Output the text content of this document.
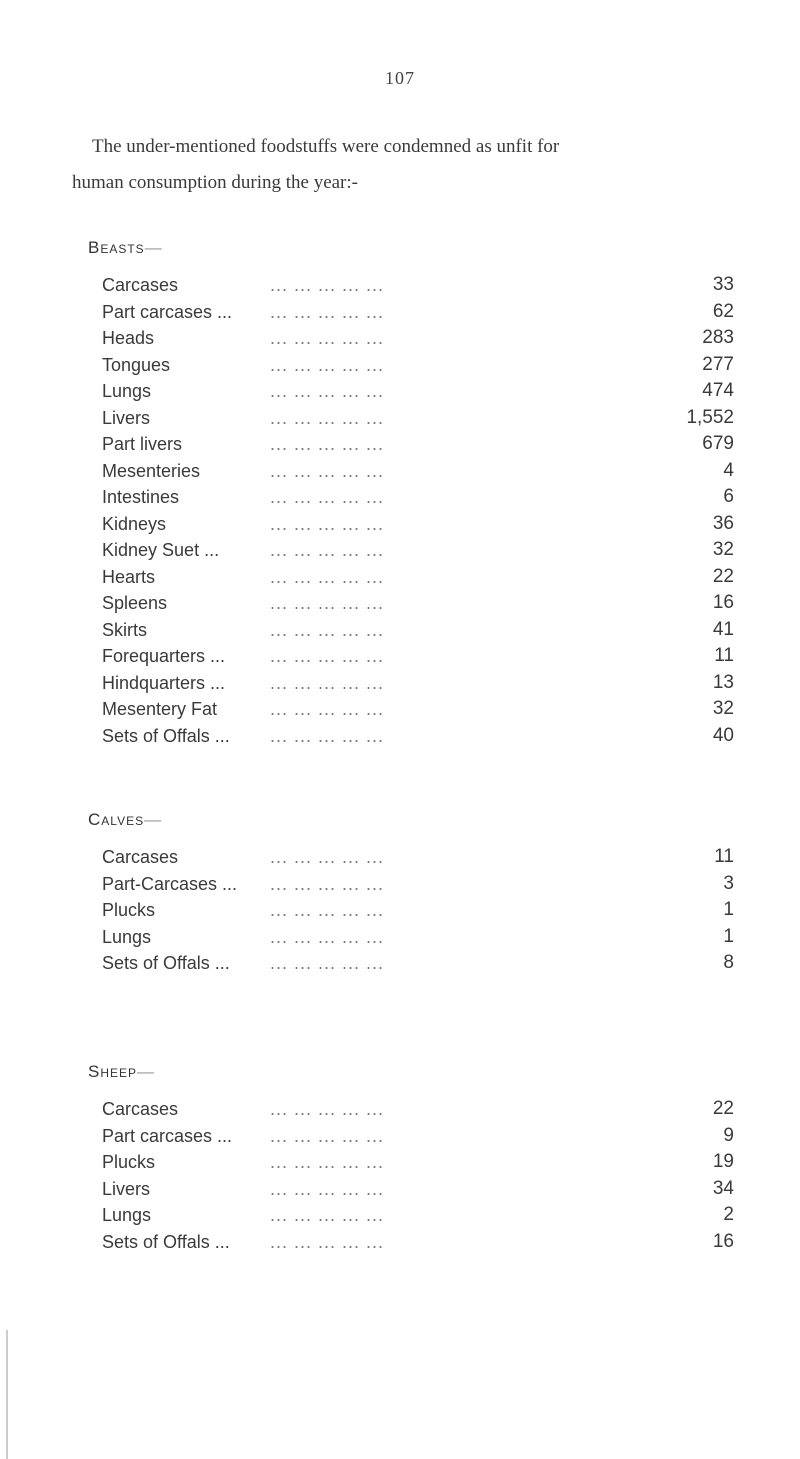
107
The under-mentioned foodstuffs were condemned as unfit for
human consumption during the year:-
Beasts—
Carcases	... ... ... ... ...	33
Part carcases ... ... ... ... ... ...	62
Heads	... ... ... ... ...	283
Tongues	... ... ... ... ...	277
Lungs	... ... ... ... ...	474
Livers	... ... ... ... ...	1,552
Part livers	... ... ... ... ...	679
Mesenteries	... ... ... ... ...	4
Intestines	... ... ... ... ...	6
Kidneys	... ... ... ... ...	36
Kidney Suet ...	... ... ... ... ...	32
Hearts	... ... ... ... ...	22
Spleens	... ... ... ... ...	16
Skirts	... ... ... ... ...	41
Forequarters ... ... ... ... ... ...	11
Hindquarters ... ... ... ... ... ...	13
Mesentery Fat	... ... ... ... ...	32
Sets of Offals ... ... ... ... ... ...	40
Calves—
Carcases	... ... ... ... ...	11
Part-Carcases ... ... ... ... ... ...	3
Plucks	... ... ... ... ...	1
Lungs	... ... ... ... ...	1
Sets of Offals ... ... ... ... ... ...	8
Sheep—
Carcases	... ... ... ... ...	22
Part carcases ... ... ... ... ... ...	9
Plucks	... ... ... ... ...	19
Livers	... ... ... ... ...	34
Lungs	... ... ... ... ...	2
Sets of Offals ... ... ... ... ... ...	16
